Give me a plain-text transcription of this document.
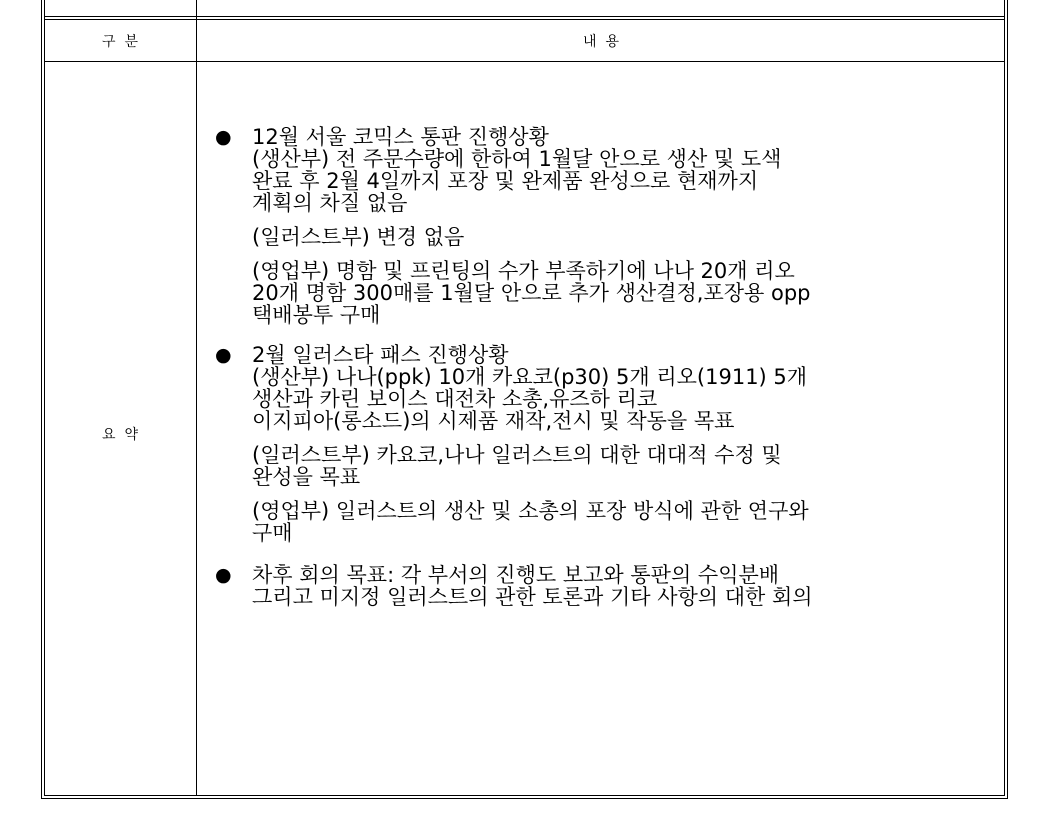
구  분	내  용
요  약
● 12월 서울 코믹스 통판 진행상황

(생산부) 전 주문수량에 한하여 1월달 안으로 생산 및 도색
완료 후 2월 4일까지 포장 및 완제품 완성으로 현재까지
계획의 차질 없음

(일러스트부) 변경 없음

(영업부) 명함 및 프린팅의 수가 부족하기에 나나 20개 리오
20개 명함 300매를 1월달 안으로 추가 생산결정,포장용 opp
택배봉투 구매

● 2월 일러스타 패스 진행상황

(생산부) 나나(ppk) 10개 카요코(p30) 5개 리오(1911) 5개
생산과 카린 보이스 대전차 소총,유즈하 리코
이지피아(롱소드)의 시제품 재작,전시 및 작동을 목표

(일러스트부) 카요코,나나 일러스트의 대한 대대적 수정 및
완성을 목표

(영업부) 일러스트의 생산 및 소총의 포장 방식에 관한 연구와
구매

● 차후 회의 목표: 각 부서의 진행도 보고와 통판의 수익분배
그리고 미지정 일러스트의 관한 토론과 기타 사항의 대한 회의
